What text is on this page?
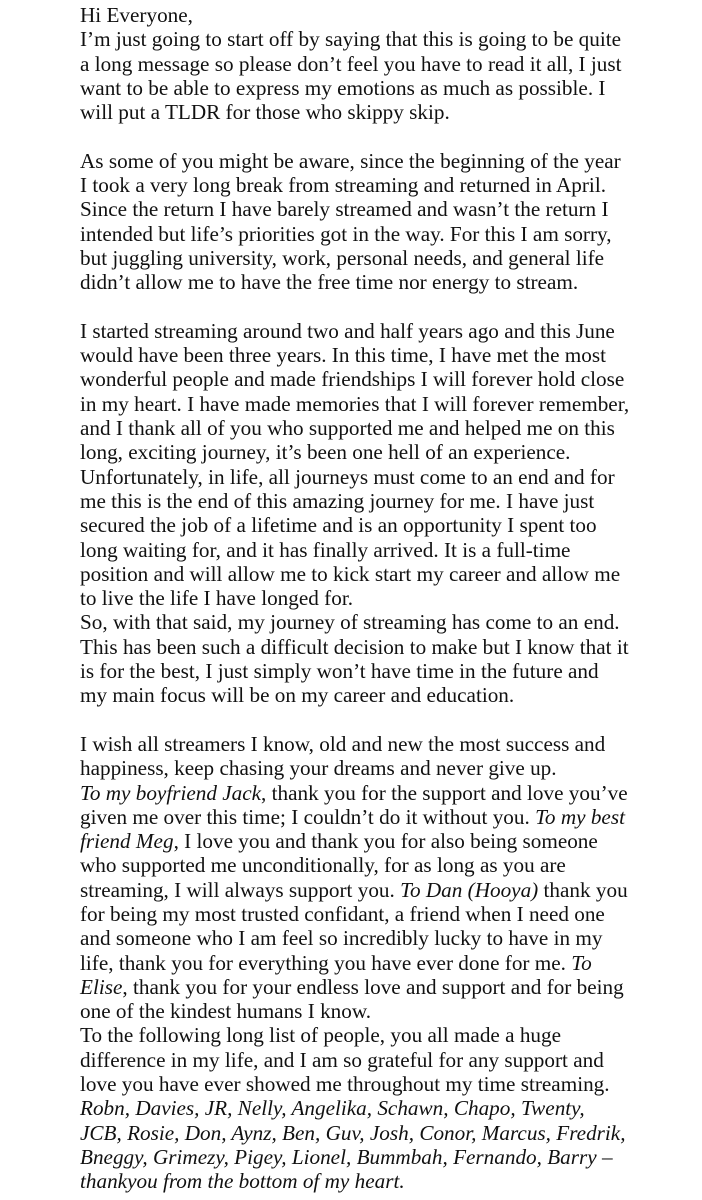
Hi Everyone,

I’m just going to start off by saying that this is going to be quite
a long message so please don’t feel you have to read it all, I just
want to be able to express my emotions as much as possible. I
will put a TLDR for those who skippy skip.

As some of you might be aware, since the beginning of the year
I took a very long break from streaming and returned in April.
Since the return I have barely streamed and wasn’t the return I
intended but life’s priorities got in the way. For this I am sorry,
but juggling university, work, personal needs, and general life
didn’t allow me to have the free time nor energy to stream.

I started streaming around two and half years ago and this June
would have been three years. In this time, I have met the most
wonderful people and made friendships I will forever hold close
in my heart. I have made memories that I will forever remember,
and I thank all of you who supported me and helped me on this
long, exciting journey, it’s been one hell of an experience.
Unfortunately, in life, all journeys must come to an end and for
me this is the end of this amazing journey for me. I have just
secured the job of a lifetime and is an opportunity I spent too
long waiting for, and it has finally arrived. It is a full-time
position and will allow me to kick start my career and allow me
to live the life I have longed for.
So, with that said, my journey of streaming has come to an end.
This has been such a difficult decision to make but I know that it
is for the best, I just simply won’t have time in the future and
my main focus will be on my career and education.

I wish all streamers I know, old and new the most success and
happiness, keep chasing your dreams and never give up.
To my boyfriend Jack, thank you for the support and love you’ve
given me over this time; I couldn’t do it without you. To my best
friend Meg, I love you and thank you for also being someone
who supported me unconditionally, for as long as you are
streaming, I will always support you. To Dan (Hooya) thank you
for being my most trusted confidant, a friend when I need one
and someone who I am feel so incredibly lucky to have in my
life, thank you for everything you have ever done for me. To
Elise, thank you for your endless love and support and for being
one of the kindest humans I know.
To the following long list of people, you all made a huge
difference in my life, and I am so grateful for any support and
love you have ever showed me throughout my time streaming.
Robn, Davies, JR, Nelly, Angelika, Schawn, Chapo, Twenty,
JCB, Rosie, Don, Aynz, Ben, Guv, Josh, Conor, Marcus, Fredrik,
Bneggy, Grimezy, Pigey, Lionel, Bummbah, Fernando, Barry –
thankyou from the bottom of my heart.
